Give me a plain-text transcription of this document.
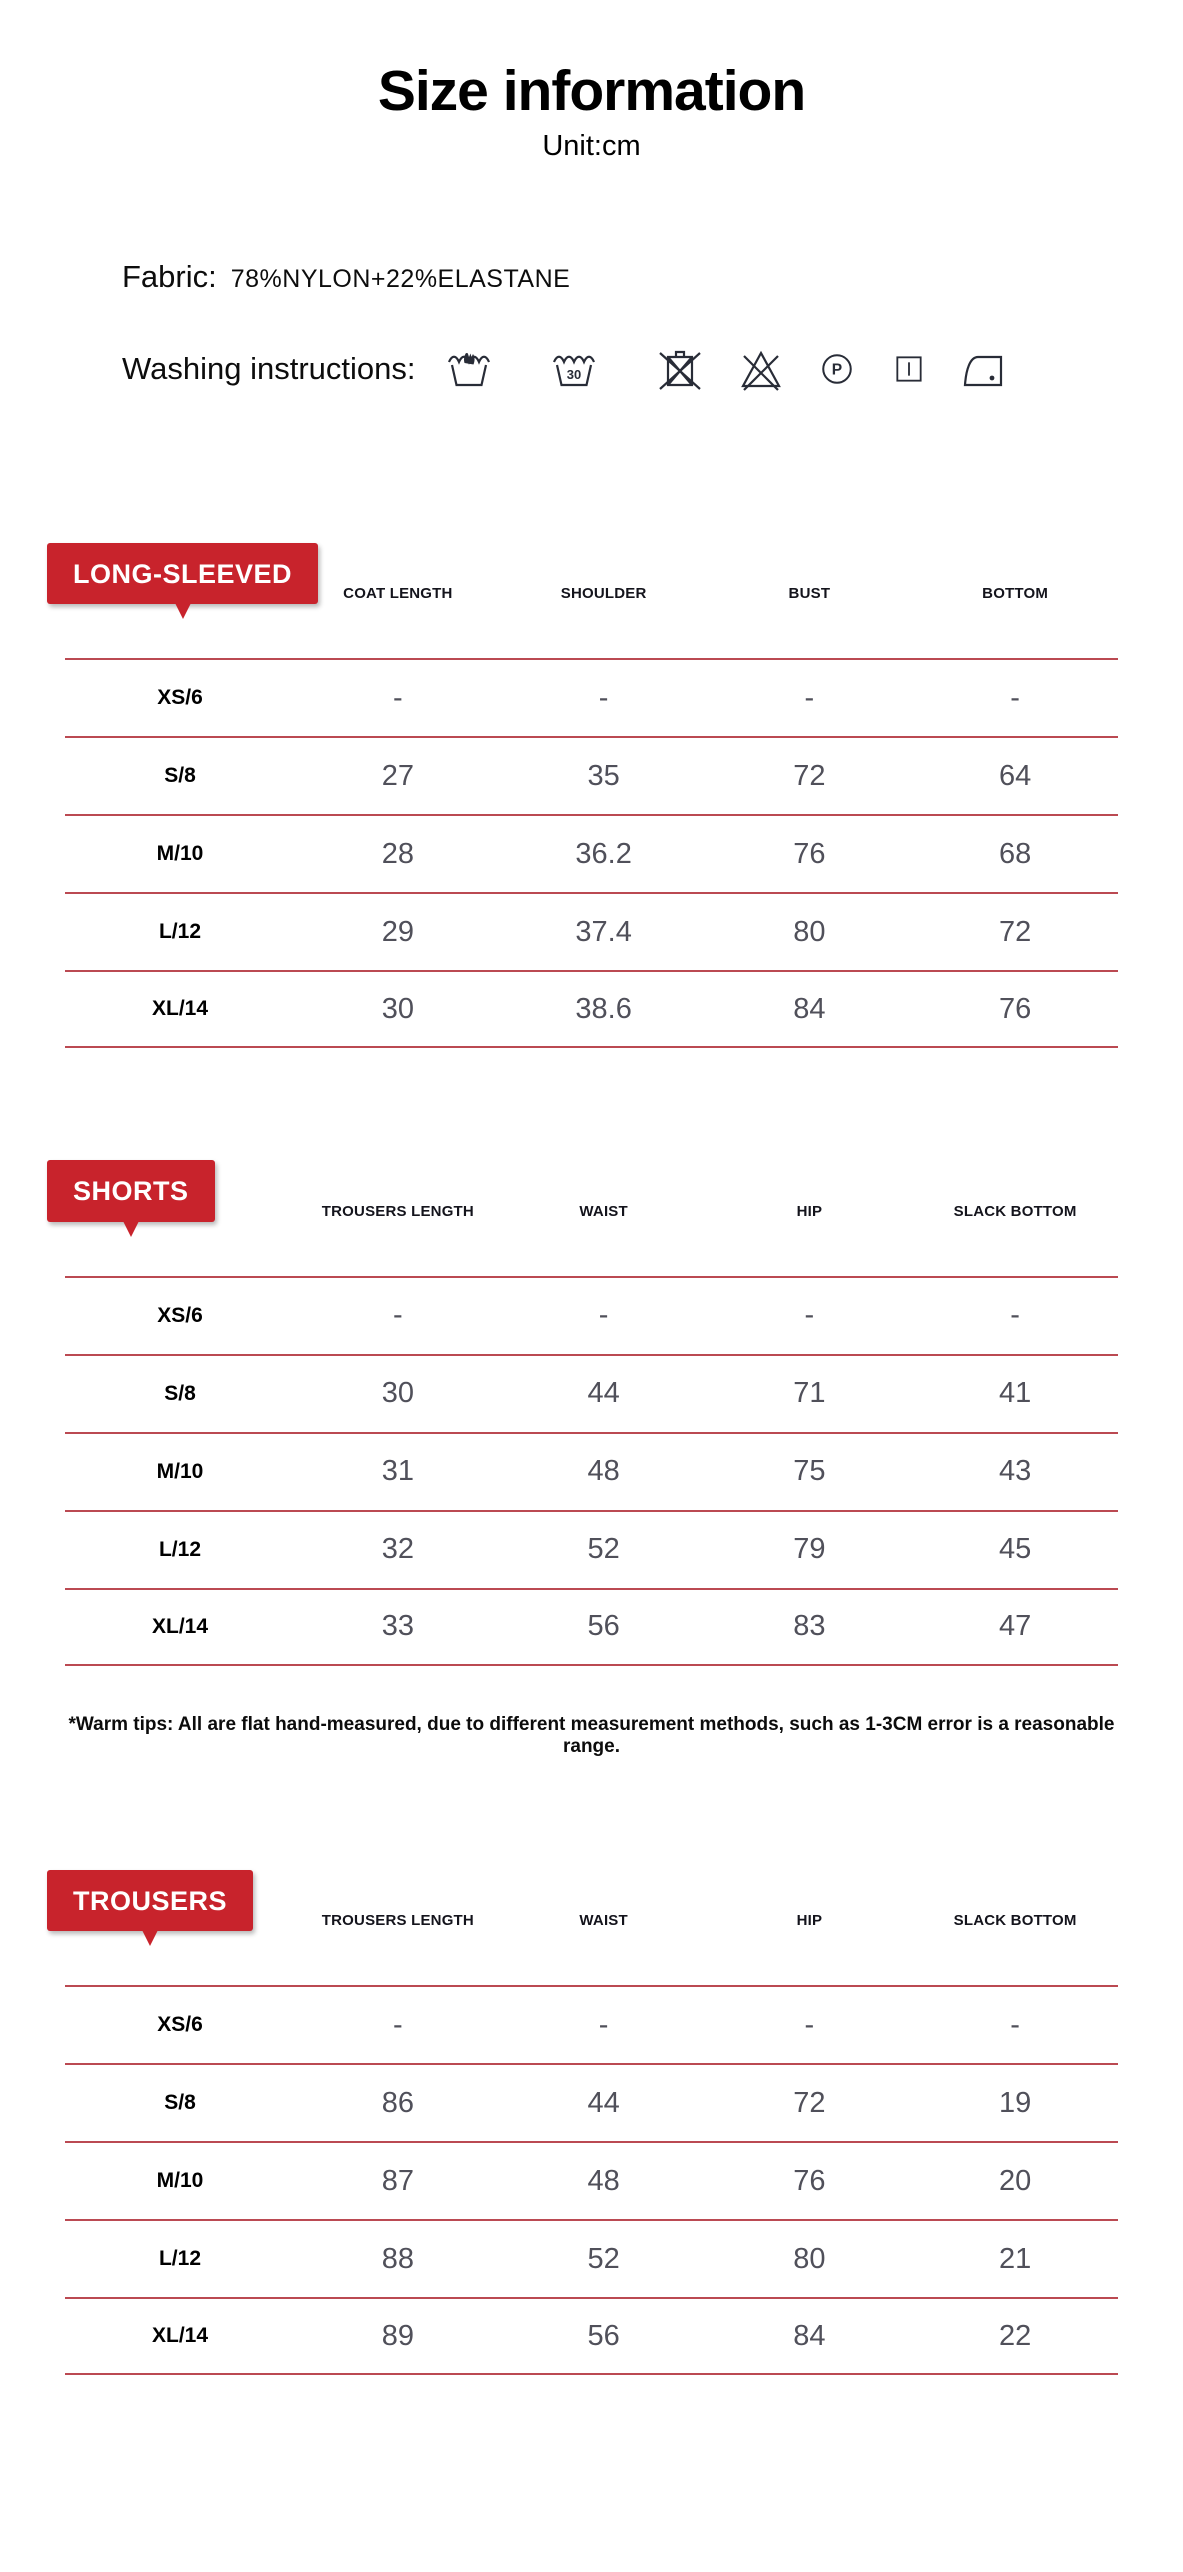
Size information
Unit:cm
Fabric: 78%NYLON+22%ELASTANE
Washing instructions:	30	P
LONG-SLEEVED
COAT LENGTH	SHOULDER	BUST	BOTTOM
XS/6	-	-	-	-
S/8	27	35	72	64
M/10	28	36.2	76	68
L/12	29	37.4	80	72
XL/14	30	38.6	84	76
SHORTS
TROUSERS LENGTH	WAIST	HIP	SLACK BOTTOM
XS/6	-	-	-	-
S/8	30	44	71	41
M/10	31	48	75	43
L/12	32	52	79	45
XL/14	33	56	83	47

*Warm tips: All are flat hand-measured, due to different measurement methods, such as 1-3CM error is a reasonable range.

TROUSERS
TROUSERS LENGTH	WAIST	HIP	SLACK BOTTOM
XS/6	-	-	-	-
S/8	86	44	72	19
M/10	87	48	76	20
L/12	88	52	80	21
XL/14	89	56	84	22
